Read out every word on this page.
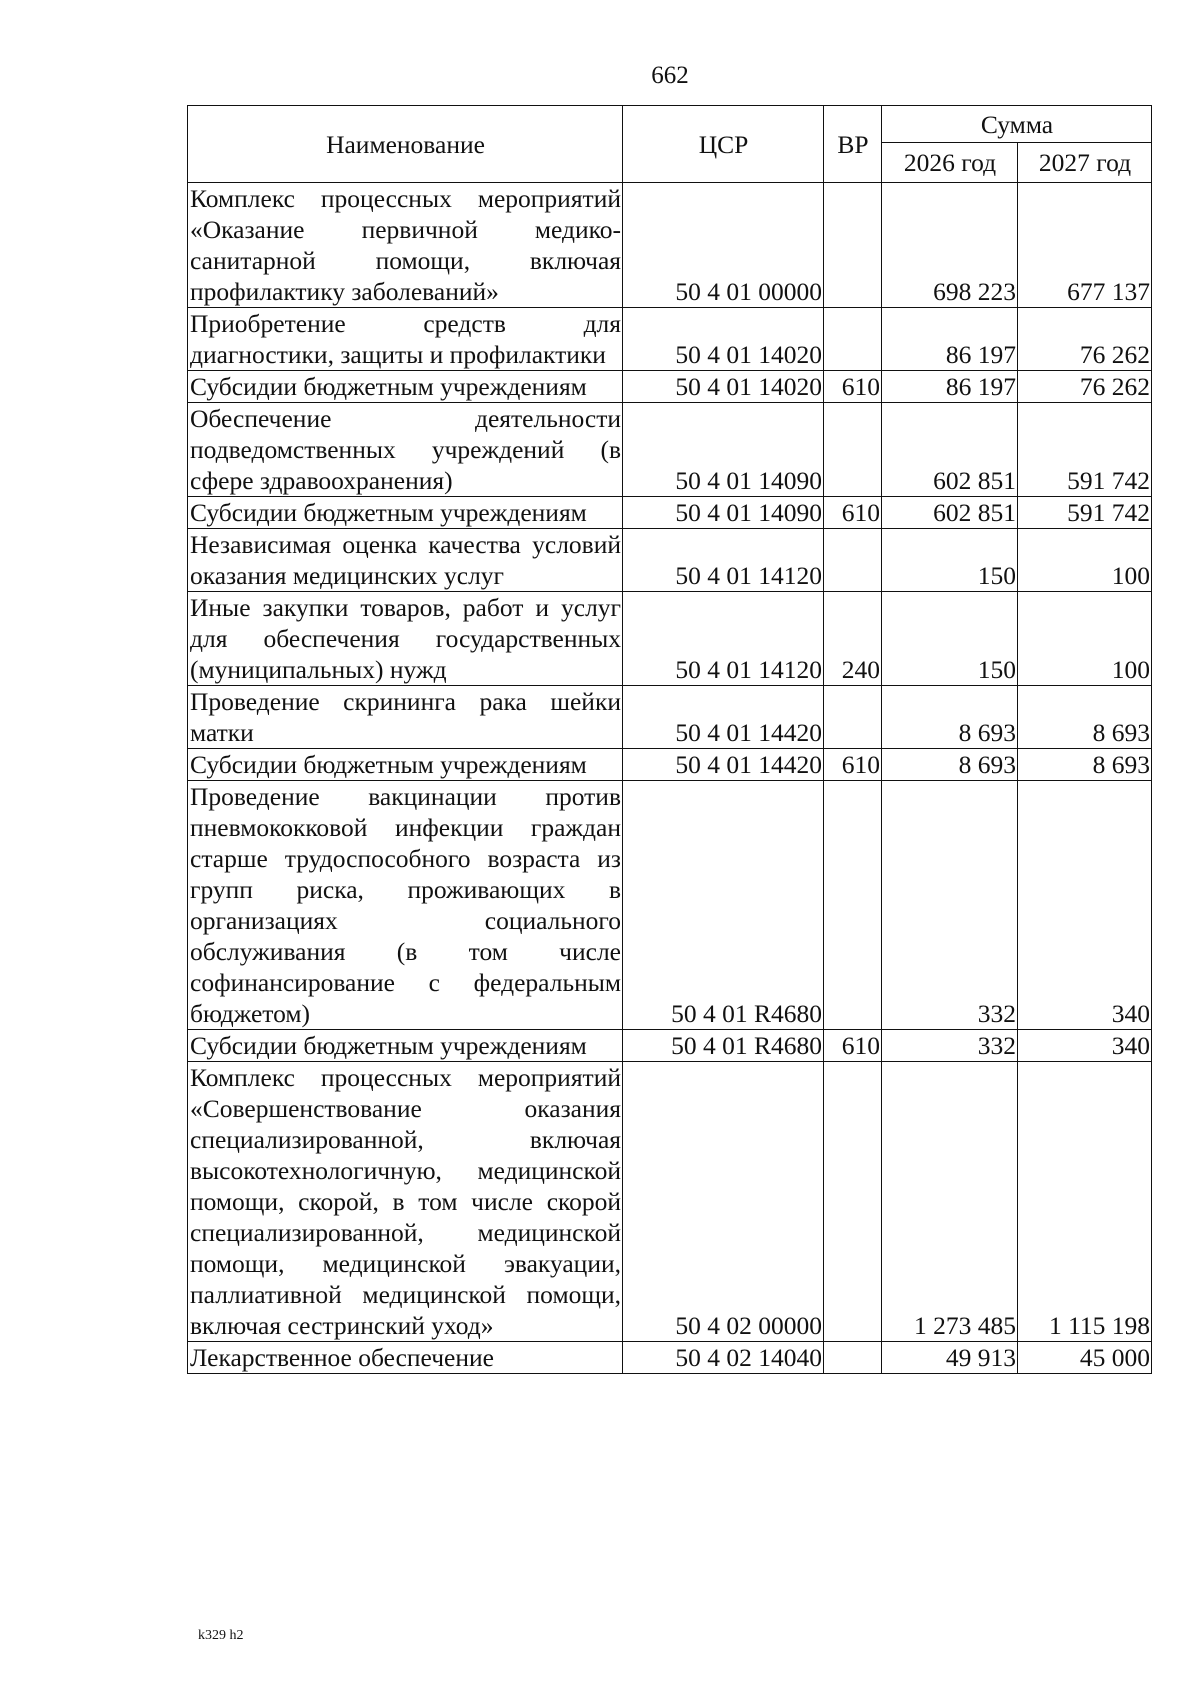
662
Наименование	ЦСР	ВР	Сумма	
			2026 год	2027 год
Комплекс процессных мероприятий «Оказание первичной медико-санитарной помощи, включая профилактику заболеваний»	50 4 01 00000		698 223	677 137
Приобретение средств для диагностики, защиты и профилактики	50 4 01 14020		86 197	76 262
Субсидии бюджетным учреждениям	50 4 01 14020	610	86 197	76 262
Обеспечение деятельности подведомственных учреждений (в сфере здравоохранения)	50 4 01 14090		602 851	591 742
Субсидии бюджетным учреждениям	50 4 01 14090	610	602 851	591 742
Независимая оценка качества условий оказания медицинских услуг	50 4 01 14120		150	100
Иные закупки товаров, работ и услуг для обеспечения государственных (муниципальных) нужд	50 4 01 14120	240	150	100
Проведение скрининга рака шейки матки	50 4 01 14420		8 693	8 693
Субсидии бюджетным учреждениям	50 4 01 14420	610	8 693	8 693
Проведение вакцинации против пневмококковой инфекции граждан старше трудоспособного возраста из групп риска, проживающих в организациях социального обслуживания (в том числе софинансирование с федеральным бюджетом)	50 4 01 R4680		332	340
Субсидии бюджетным учреждениям	50 4 01 R4680	610	332	340
Комплекс процессных мероприятий «Совершенствование оказания специализированной, включая высокотехнологичную, медицинской помощи, скорой, в том числе скорой специализированной, медицинской помощи, медицинской эвакуации, паллиативной медицинской помощи, включая сестринский уход»	50 4 02 00000		1 273 485	1 115 198
Лекарственное обеспечение	50 4 02 14040		49 913	45 000
k329 h2
